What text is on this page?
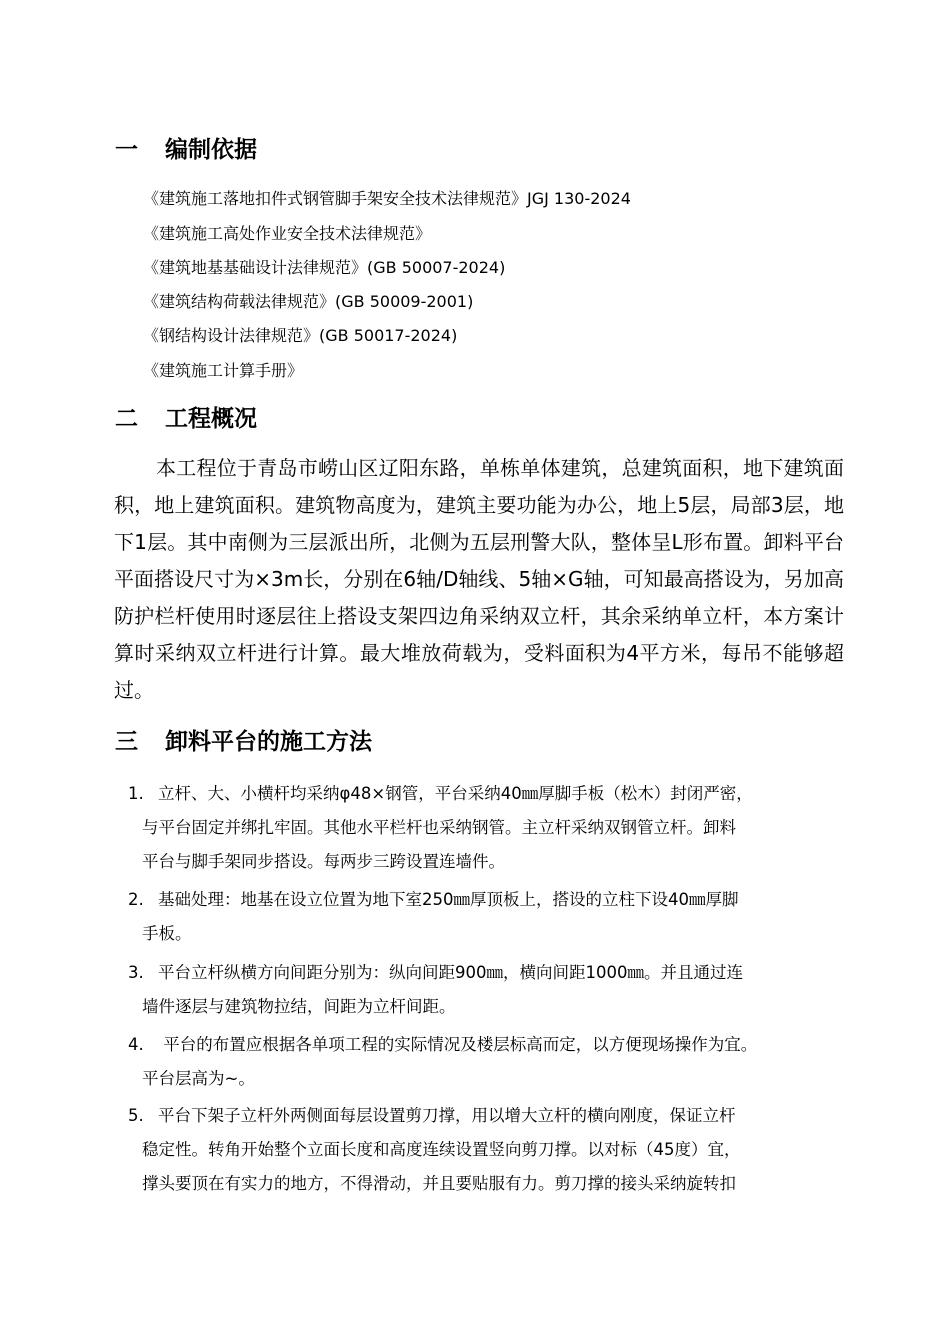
一 编制依据
《建筑施工落地扣件式钢管脚手架安全技术法律规范》JGJ 130-2024
《建筑施工高处作业安全技术法律规范》
《建筑地基基础设计法律规范》(GB 50007-2024)
《建筑结构荷载法律规范》(GB 50009-2001)
《钢结构设计法律规范》(GB 50017-2024)
《建筑施工计算手册》
二 工程概况
本工程位于青岛市崂山区辽阳东路，单栋单体建筑，总建筑面积，地下建筑面积，地上建筑面积。建筑物高度为，建筑主要功能为办公，地上5层，局部3层，地下1层。其中南侧为三层派出所，北侧为五层刑警大队，整体呈L形布置。卸料平台平面搭设尺寸为×3m长，分别在6轴/D轴线、5轴×G轴，可知最高搭设为，另加高防护栏杆使用时逐层往上搭设支架四边角采纳双立杆，其余采纳单立杆，本方案计算时采纳双立杆进行计算。最大堆放荷载为，受料面积为4平方米，每吊不能够超过。
三 卸料平台的施工方法
1. 立杆、大、小横杆均采纳φ48×钢管，平台采纳40㎜厚脚手板（松木）封闭严密，
与平台固定并绑扎牢固。其他水平栏杆也采纳钢管。主立杆采纳双钢管立杆。卸料
平台与脚手架同步搭设。每两步三跨设置连墙件。
2. 基础处理：地基在设立位置为地下室250㎜厚顶板上，搭设的立柱下设40㎜厚脚
手板。
3. 平台立杆纵横方向间距分别为：纵向间距900㎜，横向间距1000㎜。并且通过连
墙件逐层与建筑物拉结，间距为立杆间距。
4. 平台的布置应根据各单项工程的实际情况及楼层标高而定，以方便现场操作为宜。
平台层高为~。
5. 平台下架子立杆外两侧面每层设置剪刀撑，用以增大立杆的横向刚度，保证立杆
稳定性。转角开始整个立面长度和高度连续设置竖向剪刀撑。以对标（45度）宜，
撑头要顶在有实力的地方，不得滑动，并且要贴服有力。剪刀撑的接头采纳旋转扣
